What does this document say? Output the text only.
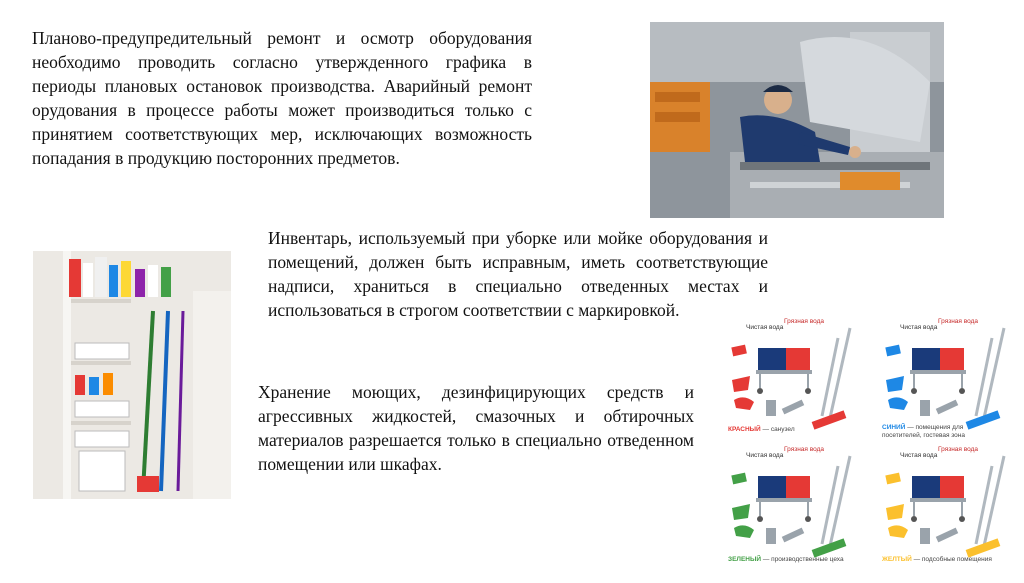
Планово-предупредительный ремонт и осмотр оборудования необходимо проводить согласно утвержденного графика в периоды плановых остановок производства. Аварийный ремонт орудования в процессе работы может производиться только с принятием соответствующих мер, исключающих возможность попадания в продукцию посторонних предметов.

Инвентарь, используемый при уборке или мойке оборудования и помещений, должен быть исправным, иметь соответствующие надписи, храниться в специально отведенных местах и использоваться в строгом соответствии с маркировкой.

Хранение моющих, дезинфицирующих средств и агрессивных жидкостей, смазочных и обтирочных материалов разрешается только в специально отведенном помещении или шкафах.

Чистая вода
Грязная вода
КРАСНЫЙ — санузел
Чистая вода
Грязная вода
СИНИЙ — помещения для посетителей, гостевая зона
Чистая вода
Грязная вода
ЗЕЛЕНЫЙ — производственные цеха
Чистая вода
Грязная вода
ЖЕЛТЫЙ — подсобные помещения
